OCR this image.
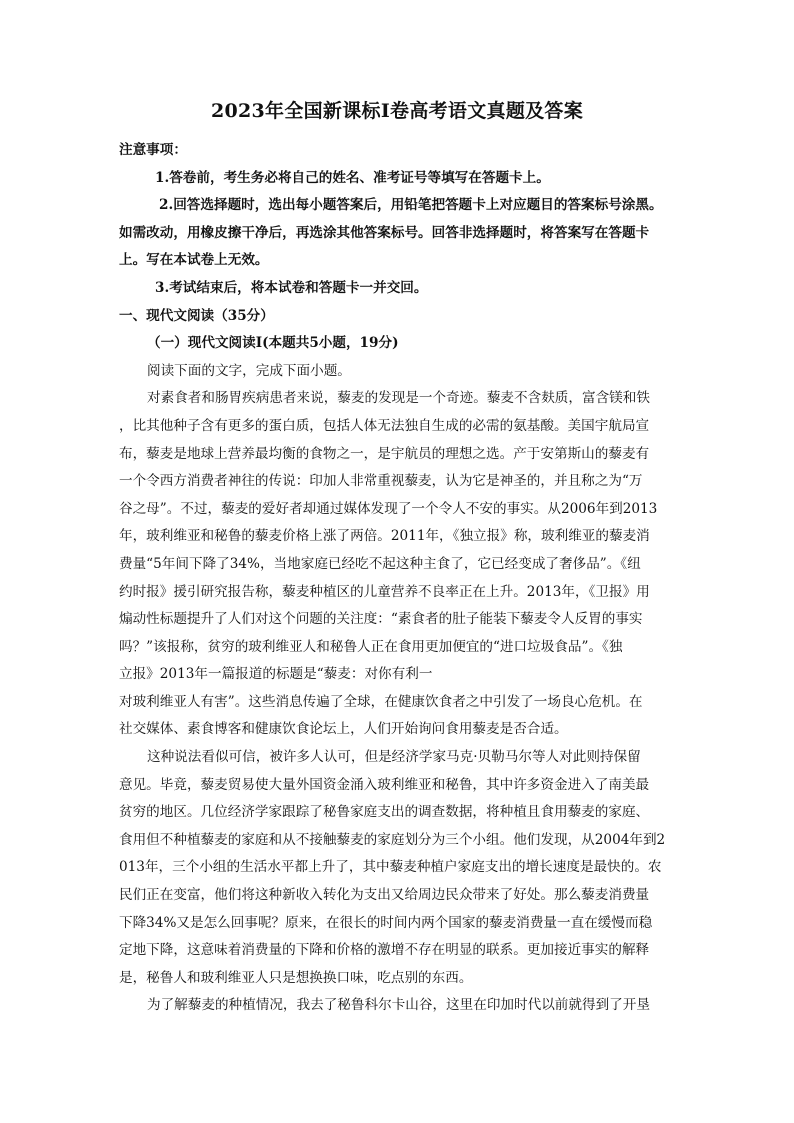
2023年全国新课标Ⅰ卷高考语文真题及答案

注意事项：

1.答卷前，考生务必将自己的姓名、准考证号等填写在答题卡上。

2.回答选择题时，选出每小题答案后，用铅笔把答题卡上对应题目的答案标号涂黑。

如需改动，用橡皮擦干净后，再选涂其他答案标号。回答非选择题时，将答案写在答题卡

上。写在本试卷上无效。

3.考试结束后，将本试卷和答题卡一并交回。

一、现代文阅读（35分）

（一）现代文阅读Ⅰ(本题共5小题，19分)

阅读下面的文字，完成下面小题。

对素食者和肠胃疾病患者来说，藜麦的发现是一个奇迹。藜麦不含麸质，富含镁和铁

，比其他种子含有更多的蛋白质，包括人体无法独自生成的必需的氨基酸。美国宇航局宣

布，藜麦是地球上营养最均衡的食物之一，是宇航员的理想之选。产于安第斯山的藜麦有

一个令西方消费者神往的传说：印加人非常重视藜麦，认为它是神圣的，并且称之为“万

谷之母”。不过，藜麦的爱好者却通过媒体发现了一个令人不安的事实。从2006年到2013

年，玻利维亚和秘鲁的藜麦价格上涨了两倍。2011年，《独立报》称，玻利维亚的藜麦消

费量“5年间下降了34%，当地家庭已经吃不起这种主食了，它已经变成了奢侈品”。《纽

约时报》援引研究报告称，藜麦种植区的儿童营养不良率正在上升。2013年，《卫报》用

煽动性标题提升了人们对这个问题的关注度：“素食者的肚子能装下藜麦令人反胃的事实

吗？”该报称，贫穷的玻利维亚人和秘鲁人正在食用更加便宜的“进口垃圾食品”。《独

立报》2013年一篇报道的标题是“藜麦：对你有利一

对玻利维亚人有害”。这些消息传遍了全球，在健康饮食者之中引发了一场良心危机。在

社交媒体、素食博客和健康饮食论坛上，人们开始询问食用藜麦是否合适。

这种说法看似可信，被许多人认可，但是经济学家马克·贝勒马尔等人对此则持保留

意见。毕竟，藜麦贸易使大量外国资金涌入玻利维亚和秘鲁，其中许多资金进入了南美最

贫穷的地区。几位经济学家跟踪了秘鲁家庭支出的调查数据，将种植且食用藜麦的家庭、

食用但不种植藜麦的家庭和从不接触藜麦的家庭划分为三个小组。他们发现，从2004年到2

013年，三个小组的生活水平都上升了，其中藜麦种植户家庭支出的增长速度是最快的。农

民们正在变富，他们将这种新收入转化为支出又给周边民众带来了好处。那么藜麦消费量

下降34%又是怎么回事呢？原来，在很长的时间内两个国家的藜麦消费量一直在缓慢而稳

定地下降，这意味着消费量的下降和价格的激增不存在明显的联系。更加接近事实的解释

是，秘鲁人和玻利维亚人只是想换换口味，吃点别的东西。

为了解藜麦的种植情况，我去了秘鲁科尔卡山谷，这里在印加时代以前就得到了开垦
